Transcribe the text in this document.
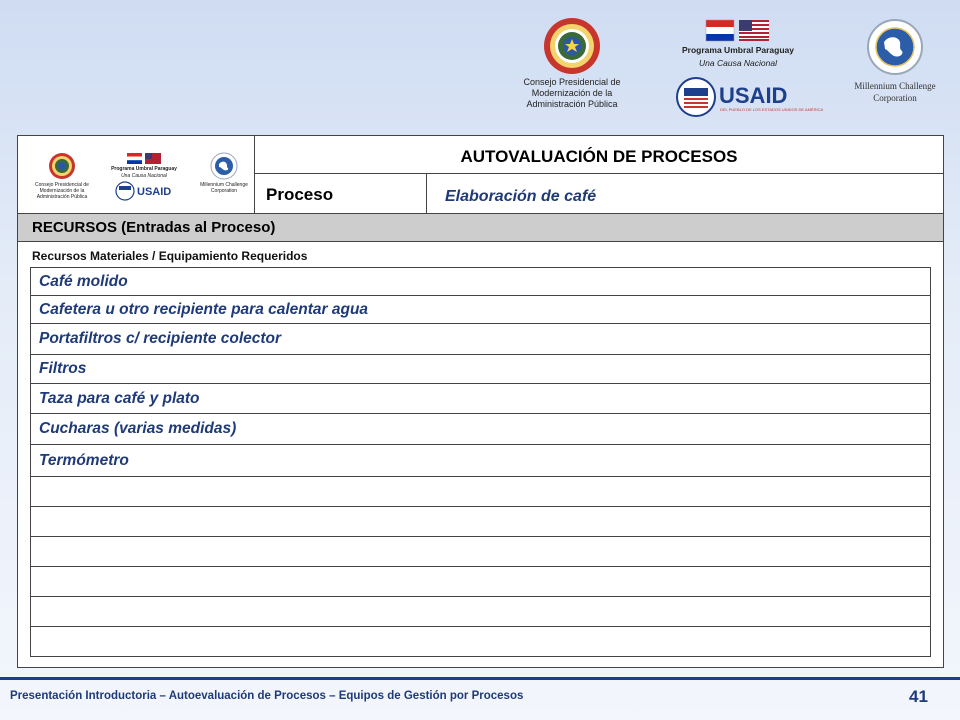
Consejo Presidencial de Modernización de la Administración Pública
Programa Umbral Paraguay
Una Causa Nacional
USAID
DEL PUEBLO DE LOS ESTADOS UNIDOS DE AMÉRICA
Millennium Challenge Corporation
Consejo Presidencial de Modernización de la Administración Pública
Programa Umbral Paraguay
Una Causa Nacional
USAID
Millennium Challenge Corporation
AUTOVALUACIÓN DE PROCESOS
Proceso	Elaboración de café
RECURSOS (Entradas al Proceso)
Recursos Materiales / Equipamiento Requeridos
Café molido
Cafetera u otro recipiente para calentar agua
Portafiltros c/ recipiente colector
Filtros
Taza para café y plato
Cucharas (varias medidas)
Termómetro
Presentación Introductoria – Autoevaluación de Procesos – Equipos de Gestión por Procesos	41
